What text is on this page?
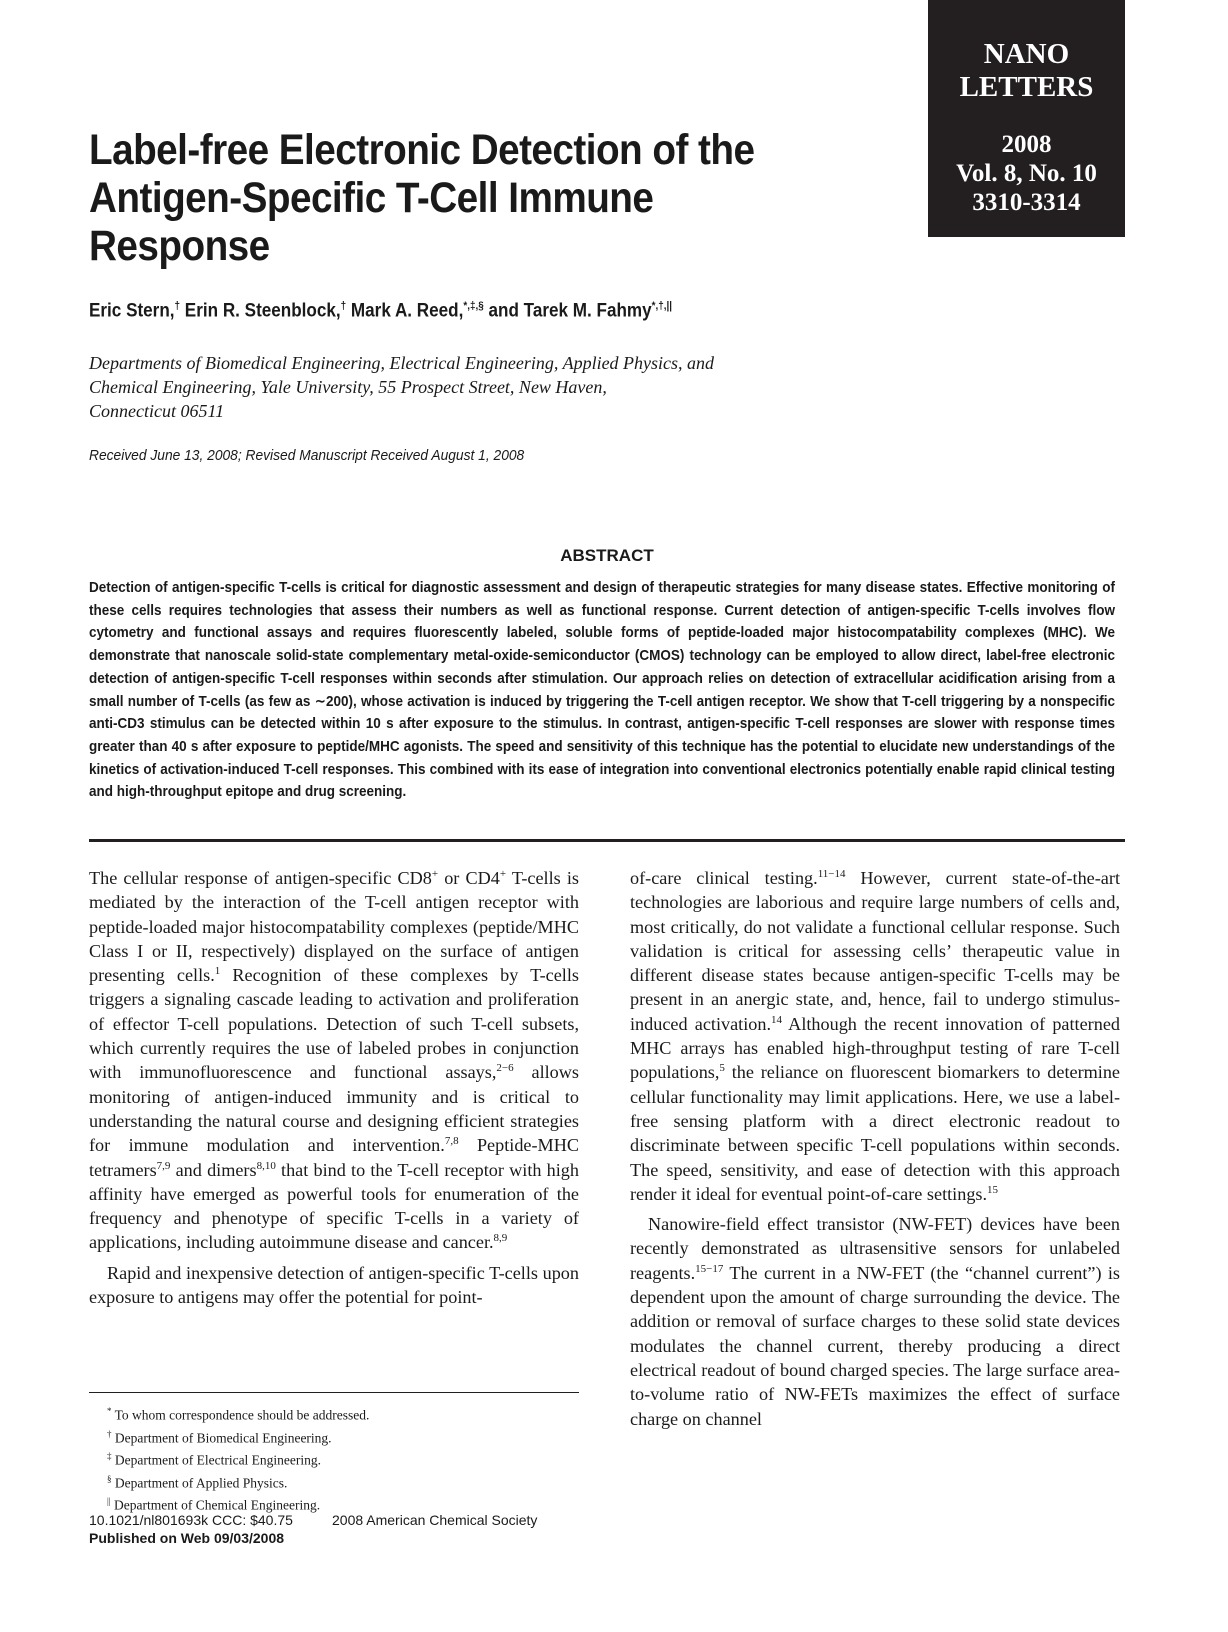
NANO
LETTERS
2008
Vol. 8, No. 10
3310-3314
Label-free Electronic Detection of the
Antigen-Specific T-Cell Immune
Response
Eric Stern,† Erin R. Steenblock,† Mark A. Reed,*,‡,§ and Tarek M. Fahmy*,†,||
Departments of Biomedical Engineering, Electrical Engineering, Applied Physics, and
Chemical Engineering, Yale University, 55 Prospect Street, New Haven,
Connecticut 06511
Received June 13, 2008; Revised Manuscript Received August 1, 2008
ABSTRACT
Detection of antigen-specific T-cells is critical for diagnostic assessment and design of therapeutic strategies for many disease states. Effective monitoring of these cells requires technologies that assess their numbers as well as functional response. Current detection of antigen-specific T-cells involves flow cytometry and functional assays and requires fluorescently labeled, soluble forms of peptide-loaded major histocompatability complexes (MHC). We demonstrate that nanoscale solid-state complementary metal-oxide-semiconductor (CMOS) technology can be employed to allow direct, label-free electronic detection of antigen-specific T-cell responses within seconds after stimulation. Our approach relies on detection of extracellular acidification arising from a small number of T-cells (as few as ∼200), whose activation is induced by triggering the T-cell antigen receptor. We show that T-cell triggering by a nonspecific anti-CD3 stimulus can be detected within 10 s after exposure to the stimulus. In contrast, antigen-specific T-cell responses are slower with response times greater than 40 s after exposure to peptide/MHC agonists. The speed and sensitivity of this technique has the potential to elucidate new understandings of the kinetics of activation-induced T-cell responses. This combined with its ease of integration into conventional electronics potentially enable rapid clinical testing and high-throughput epitope and drug screening.

The cellular response of antigen-specific CD8+ or CD4+ T-cells is mediated by the interaction of the T-cell antigen receptor with peptide-loaded major histocompatability complexes (peptide/MHC Class I or II, respectively) displayed on the surface of antigen presenting cells.$^1$ Recognition of these complexes by T-cells triggers a signaling cascade leading to activation and proliferation of effector T-cell populations. Detection of such T-cell subsets, which currently requires the use of labeled probes in conjunction with immunofluorescence and functional assays,$^{2-6}$ allows monitoring of antigen-induced immunity and is critical to understanding the natural course and designing efficient strategies for immune modulation and intervention.$^{7,8}$ Peptide-MHC tetramers$^{7,9}$ and dimers$^{8,10}$ that bind to the T-cell receptor with high affinity have emerged as powerful tools for enumeration of the frequency and phenotype of specific T-cells in a variety of applications, including autoimmune disease and cancer.$^{8,9}$

Rapid and inexpensive detection of antigen-specific T-cells upon exposure to antigens may offer the potential for point-

of-care clinical testing.$^{11-14}$ However, current state-of-the-art technologies are laborious and require large numbers of cells and, most critically, do not validate a functional cellular response. Such validation is critical for assessing cells’ therapeutic value in different disease states because antigen-specific T-cells may be present in an anergic state, and, hence, fail to undergo stimulus-induced activation.$^{14}$ Although the recent innovation of patterned MHC arrays has enabled high-throughput testing of rare T-cell populations,$^5$ the reliance on fluorescent biomarkers to determine cellular functionality may limit applications. Here, we use a label-free sensing platform with a direct electronic readout to discriminate between specific T-cell populations within seconds. The speed, sensitivity, and ease of detection with this approach render it ideal for eventual point-of-care settings.$^{15}$

Nanowire-field effect transistor (NW-FET) devices have been recently demonstrated as ultrasensitive sensors for unlabeled reagents.$^{15-17}$ The current in a NW-FET (the “channel current”) is dependent upon the amount of charge surrounding the device. The addition or removal of surface charges to these solid state devices modulates the channel current, thereby producing a direct electrical readout of bound charged species. The large surface area-to-volume ratio of NW-FETs maximizes the effect of surface charge on channel

* To whom correspondence should be addressed.
† Department of Biomedical Engineering.
‡ Department of Electrical Engineering.
§ Department of Applied Physics.
|| Department of Chemical Engineering.
10.1021/nl801693k CCC: $40.75	2008 American Chemical Society
Published on Web 09/03/2008
